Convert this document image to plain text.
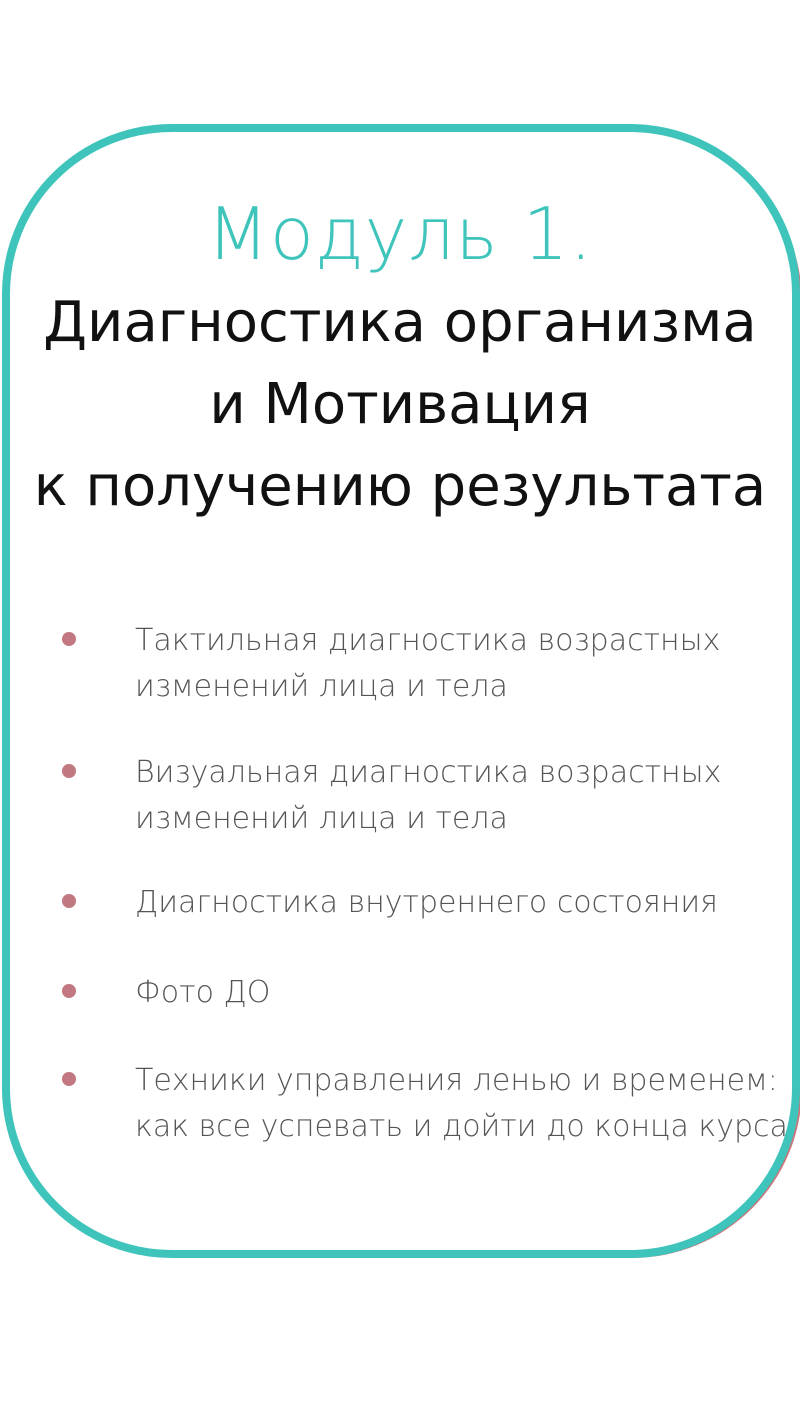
Модуль 1.
Диагностика организма
и Мотивация
к получению результата
Тактильная диагностика возрастных
изменений лица и тела
Визуальная диагностика возрастных
изменений лица и тела
Диагностика внутреннего состояния
Фото ДО
Техники управления ленью и временем:
как все успевать и дойти до конца курса
